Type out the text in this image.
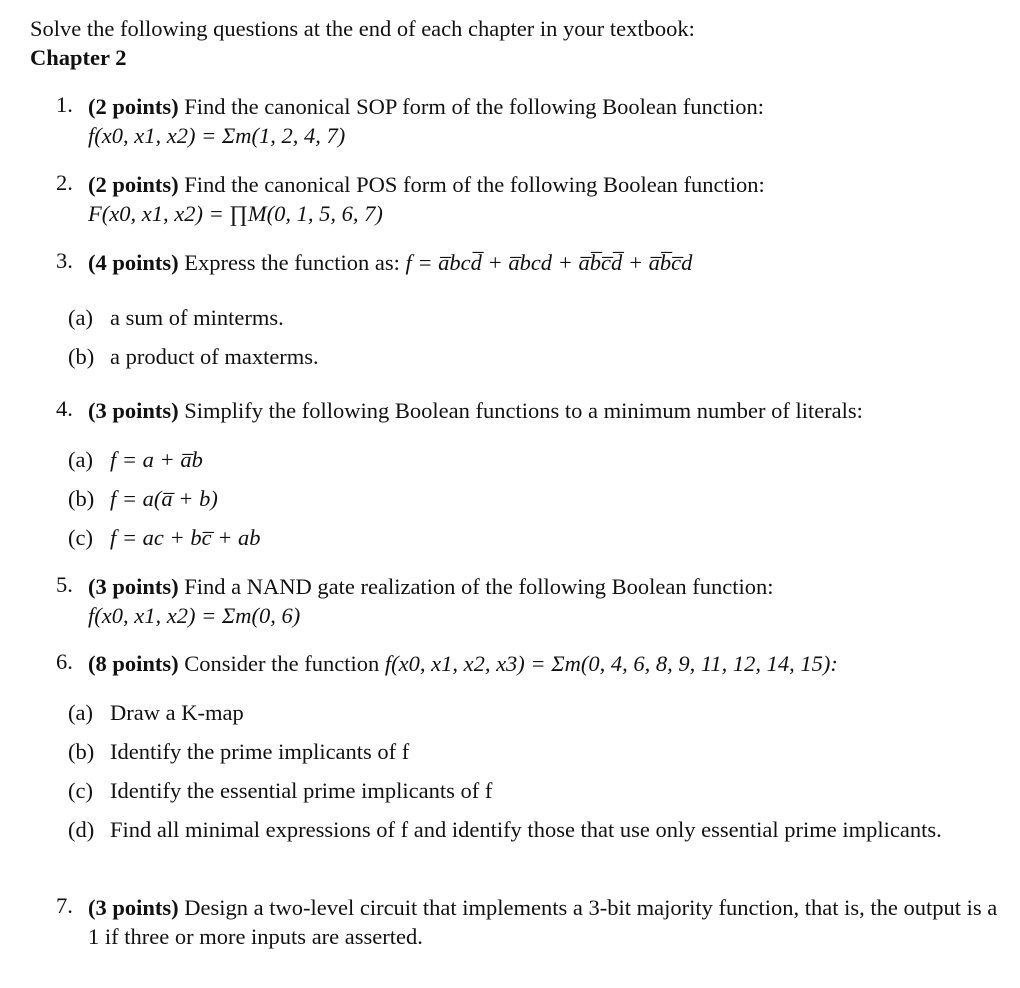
Solve the following questions at the end of each chapter in your textbook:
Chapter 2
1. (2 points) Find the canonical SOP form of the following Boolean function:
f(x0, x1, x2) = Σm(1, 2, 4, 7)
2. (2 points) Find the canonical POS form of the following Boolean function:
F(x0, x1, x2) = ∏M(0, 1, 5, 6, 7)
3. (4 points) Express the function as: f = a̅bcd̅ + a̅bcd + a̅b̅c̅d̅ + a̅b̅c̅d
(a) a sum of minterms.
(b) a product of maxterms.
4. (3 points) Simplify the following Boolean functions to a minimum number of literals:
(a) f = a + a̅b
(b) f = a(a̅ + b)
(c) f = ac + bc̅ + ab
5. (3 points) Find a NAND gate realization of the following Boolean function:
f(x0, x1, x2) = Σm(0, 6)
6. (8 points) Consider the function f(x0, x1, x2, x3) = Σm(0, 4, 6, 8, 9, 11, 12, 14, 15):
(a) Draw a K-map
(b) Identify the prime implicants of f
(c) Identify the essential prime implicants of f
(d) Find all minimal expressions of f and identify those that use only essential prime implicants.
7. (3 points) Design a two-level circuit that implements a 3-bit majority function, that is, the output is a 1 if three or more inputs are asserted.
